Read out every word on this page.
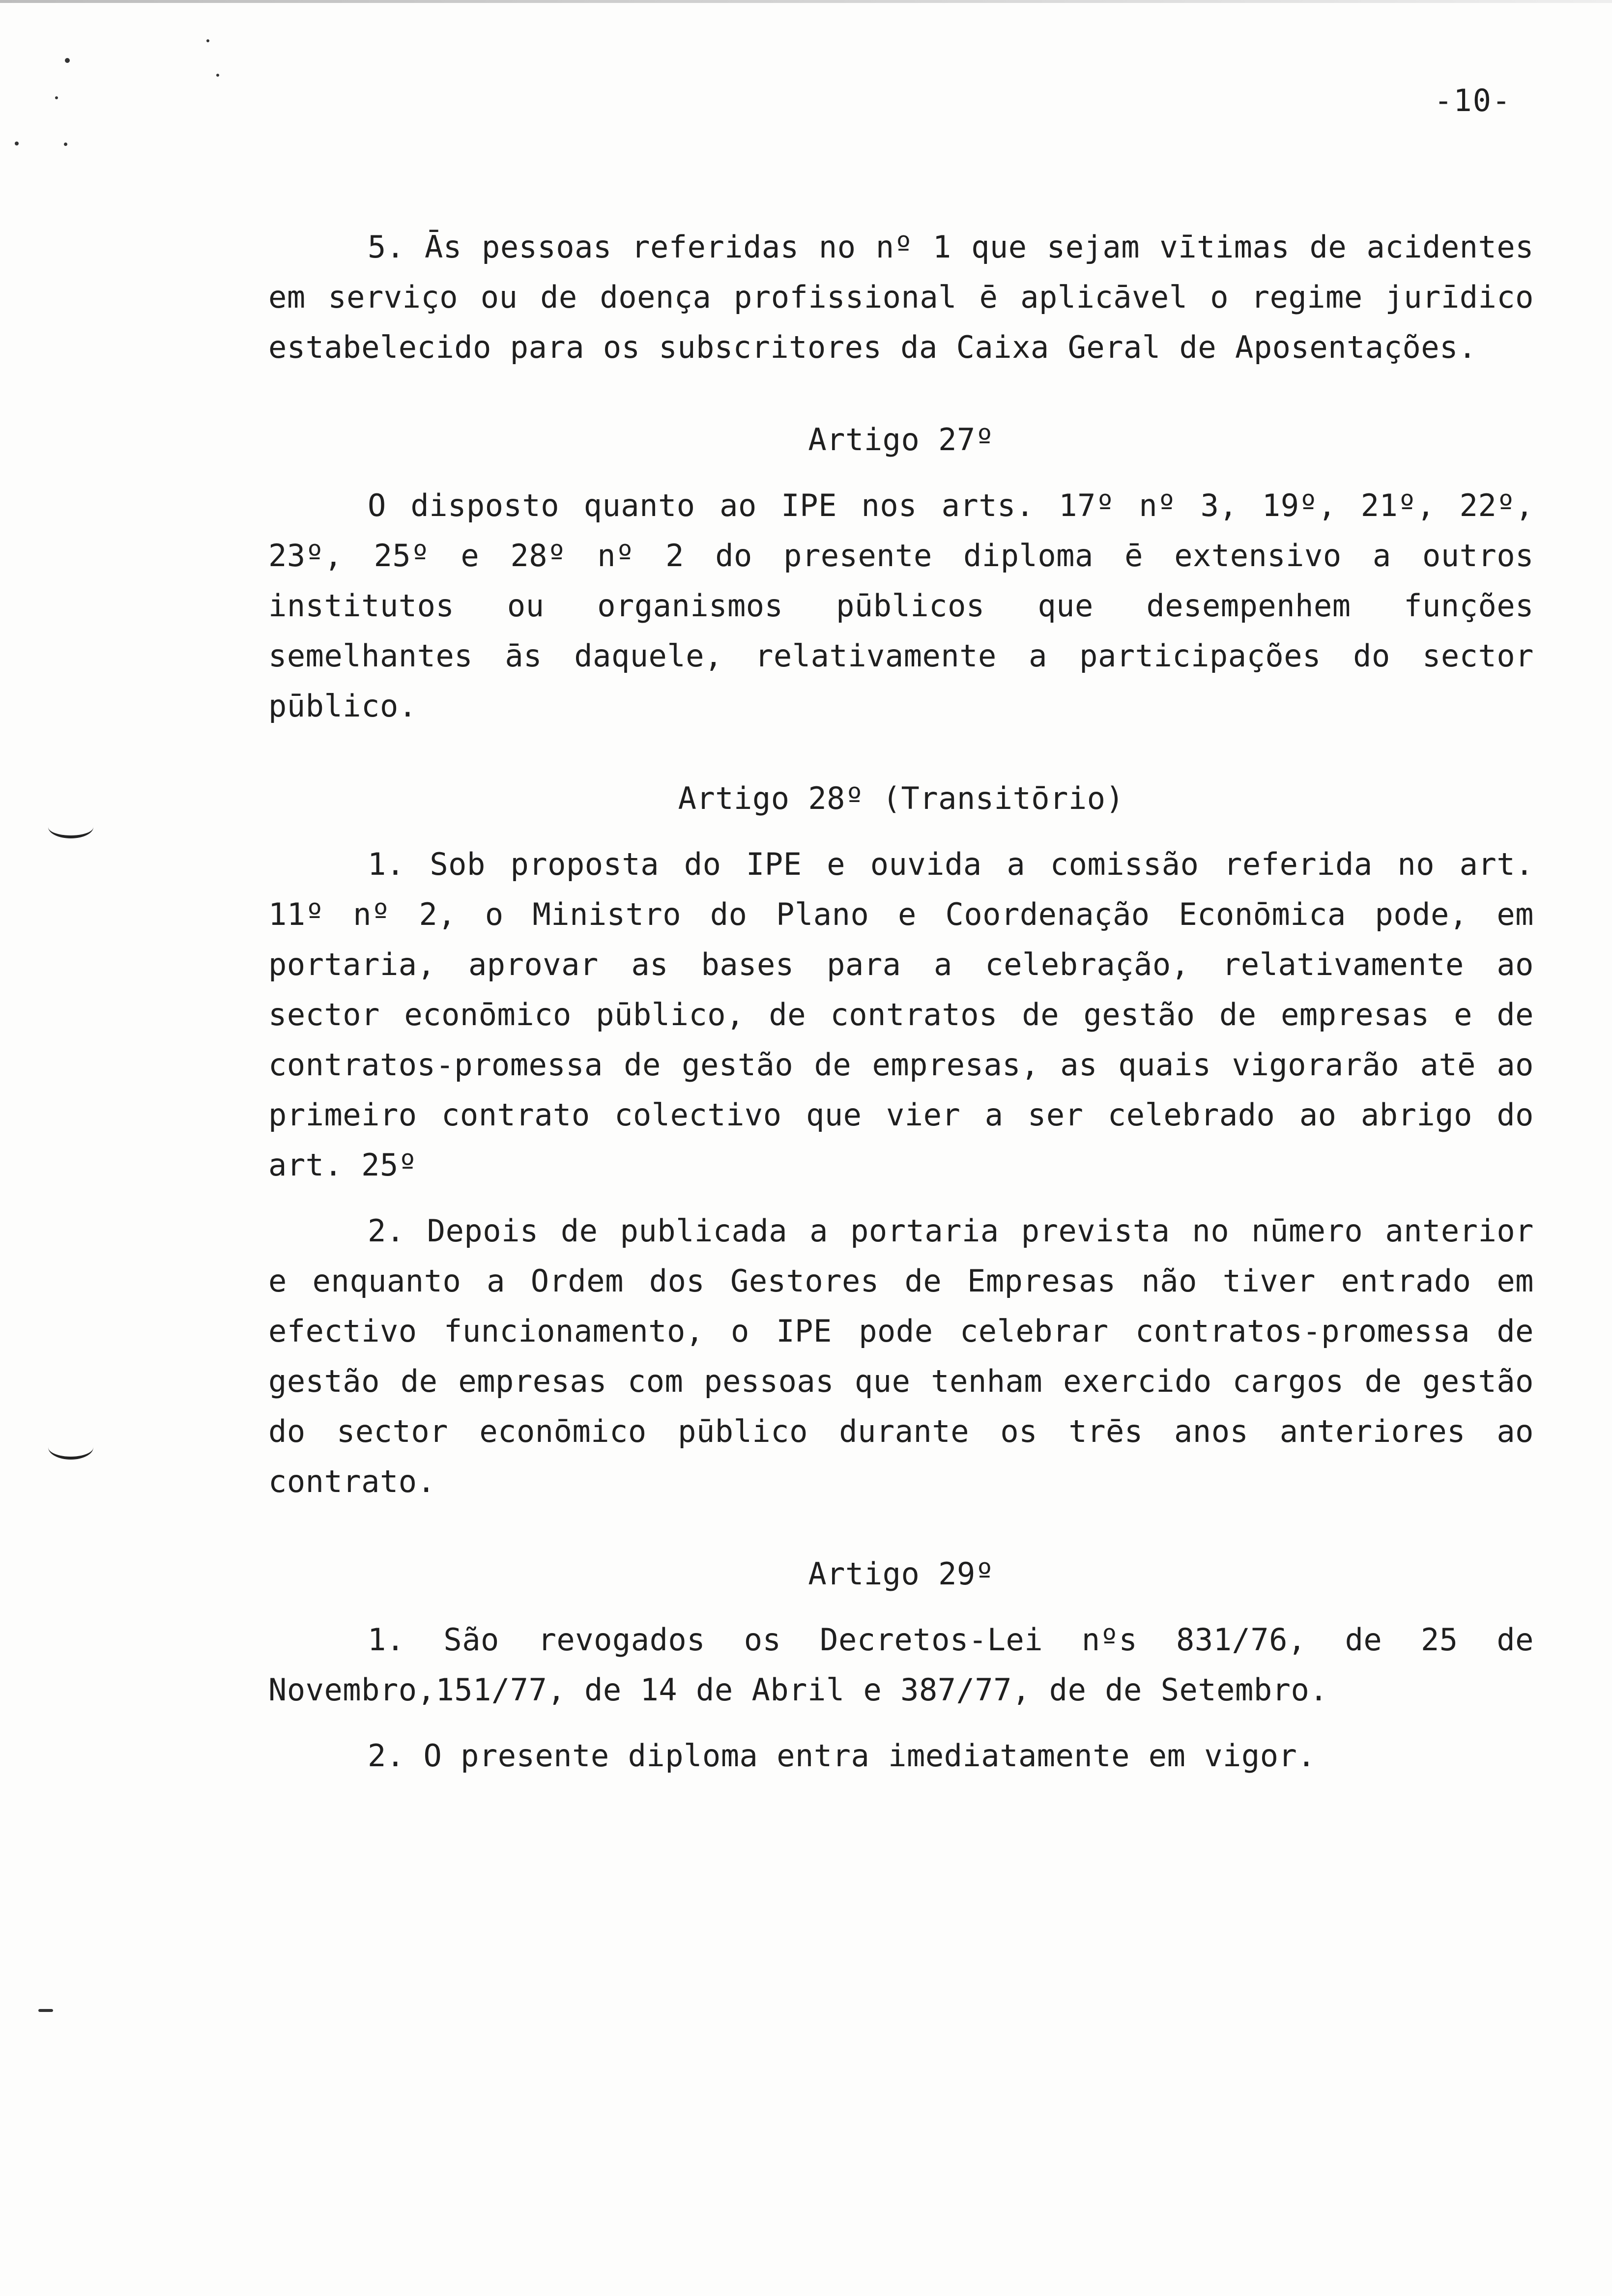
-10-

5. Ās pessoas referidas no nº 1 que sejam vītimas de acidentes em serviço ou de doença profissional ē aplicāvel o regime jurīdico estabelecido para os subscritores da Caixa Geral de Aposentações.

Artigo 27º

O disposto quanto ao IPE nos arts. 17º nº 3, 19º, 21º, 22º, 23º, 25º e 28º nº 2 do presente diploma ē extensivo a outros institutos ou organismos pūblicos que desempenhem funções semelhantes ās daquele, relativamente a participações do sector pūblico.

Artigo 28º (Transitōrio)

1. Sob proposta do IPE e ouvida a comissão referida no art. 11º nº 2, o Ministro do Plano e Coordenação Econōmica pode, em portaria, aprovar as bases para a celebração, relativamente ao sector econōmico pūblico, de contratos de gestão de empresas e de contratos-promessa de gestão de empresas, as quais vigorarão atē ao primeiro contrato colectivo que vier a ser celebrado ao abrigo do art. 25º

2. Depois de publicada a portaria prevista no nūmero anterior e enquanto a Ordem dos Gestores de Empresas não tiver entrado em efectivo funcionamento, o IPE pode celebrar contratos-promessa de gestão de empresas com pessoas que tenham exercido cargos de gestão do sector econōmico pūblico durante os trēs anos anteriores ao contrato.

Artigo 29º

1. São revogados os Decretos-Lei nºs 831/76, de 25 de Novembro,151/77, de 14 de Abril e 387/77, de de Setembro.

2. O presente diploma entra imediatamente em vigor.
